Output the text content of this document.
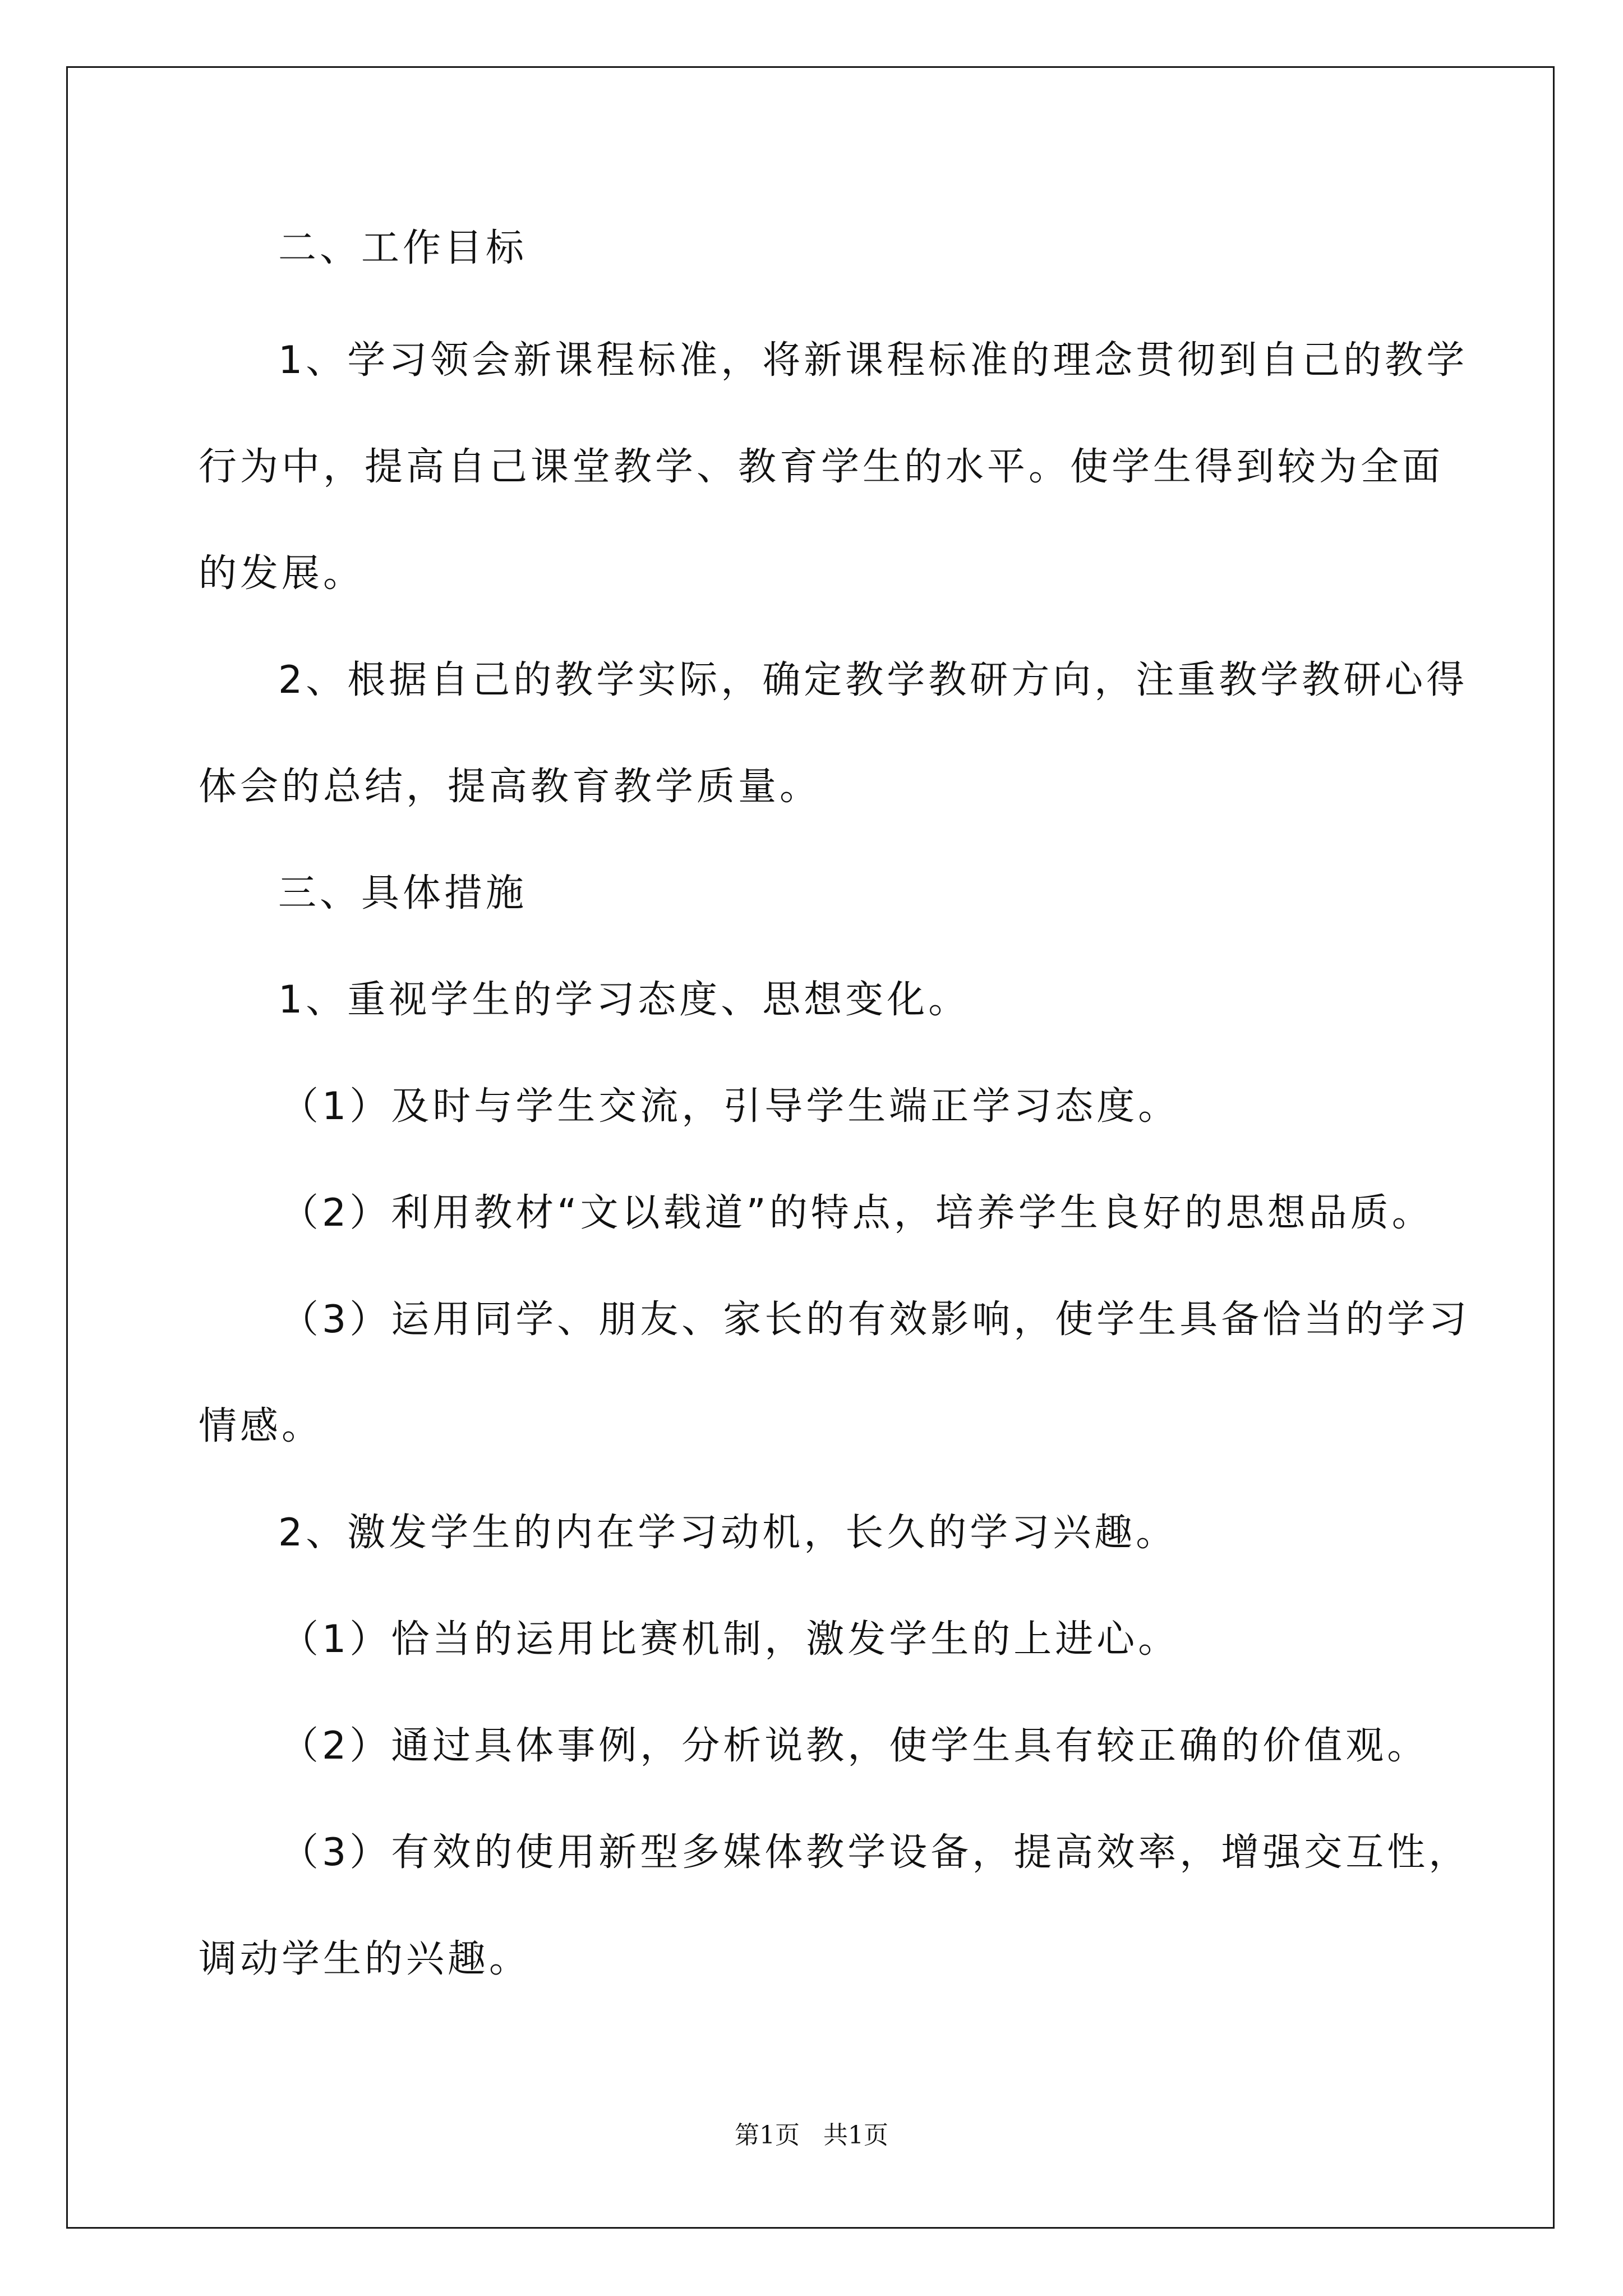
二、工作目标
1、学习领会新课程标准，将新课程标准的理念贯彻到自己的教学
行为中，提高自己课堂教学、教育学生的水平。使学生得到较为全面
的发展。
2、根据自己的教学实际，确定教学教研方向，注重教学教研心得
体会的总结，提高教育教学质量。
三、具体措施
1、重视学生的学习态度、思想变化。
（1）及时与学生交流，引导学生端正学习态度。
（2）利用教材“文以载道”的特点，培养学生良好的思想品质。
（3）运用同学、朋友、家长的有效影响，使学生具备恰当的学习
情感。
2、激发学生的内在学习动机，长久的学习兴趣。
（1）恰当的运用比赛机制，激发学生的上进心。
（2）通过具体事例，分析说教，使学生具有较正确的价值观。
（3）有效的使用新型多媒体教学设备，提高效率，增强交互性，
调动学生的兴趣。
第1页   共1页
